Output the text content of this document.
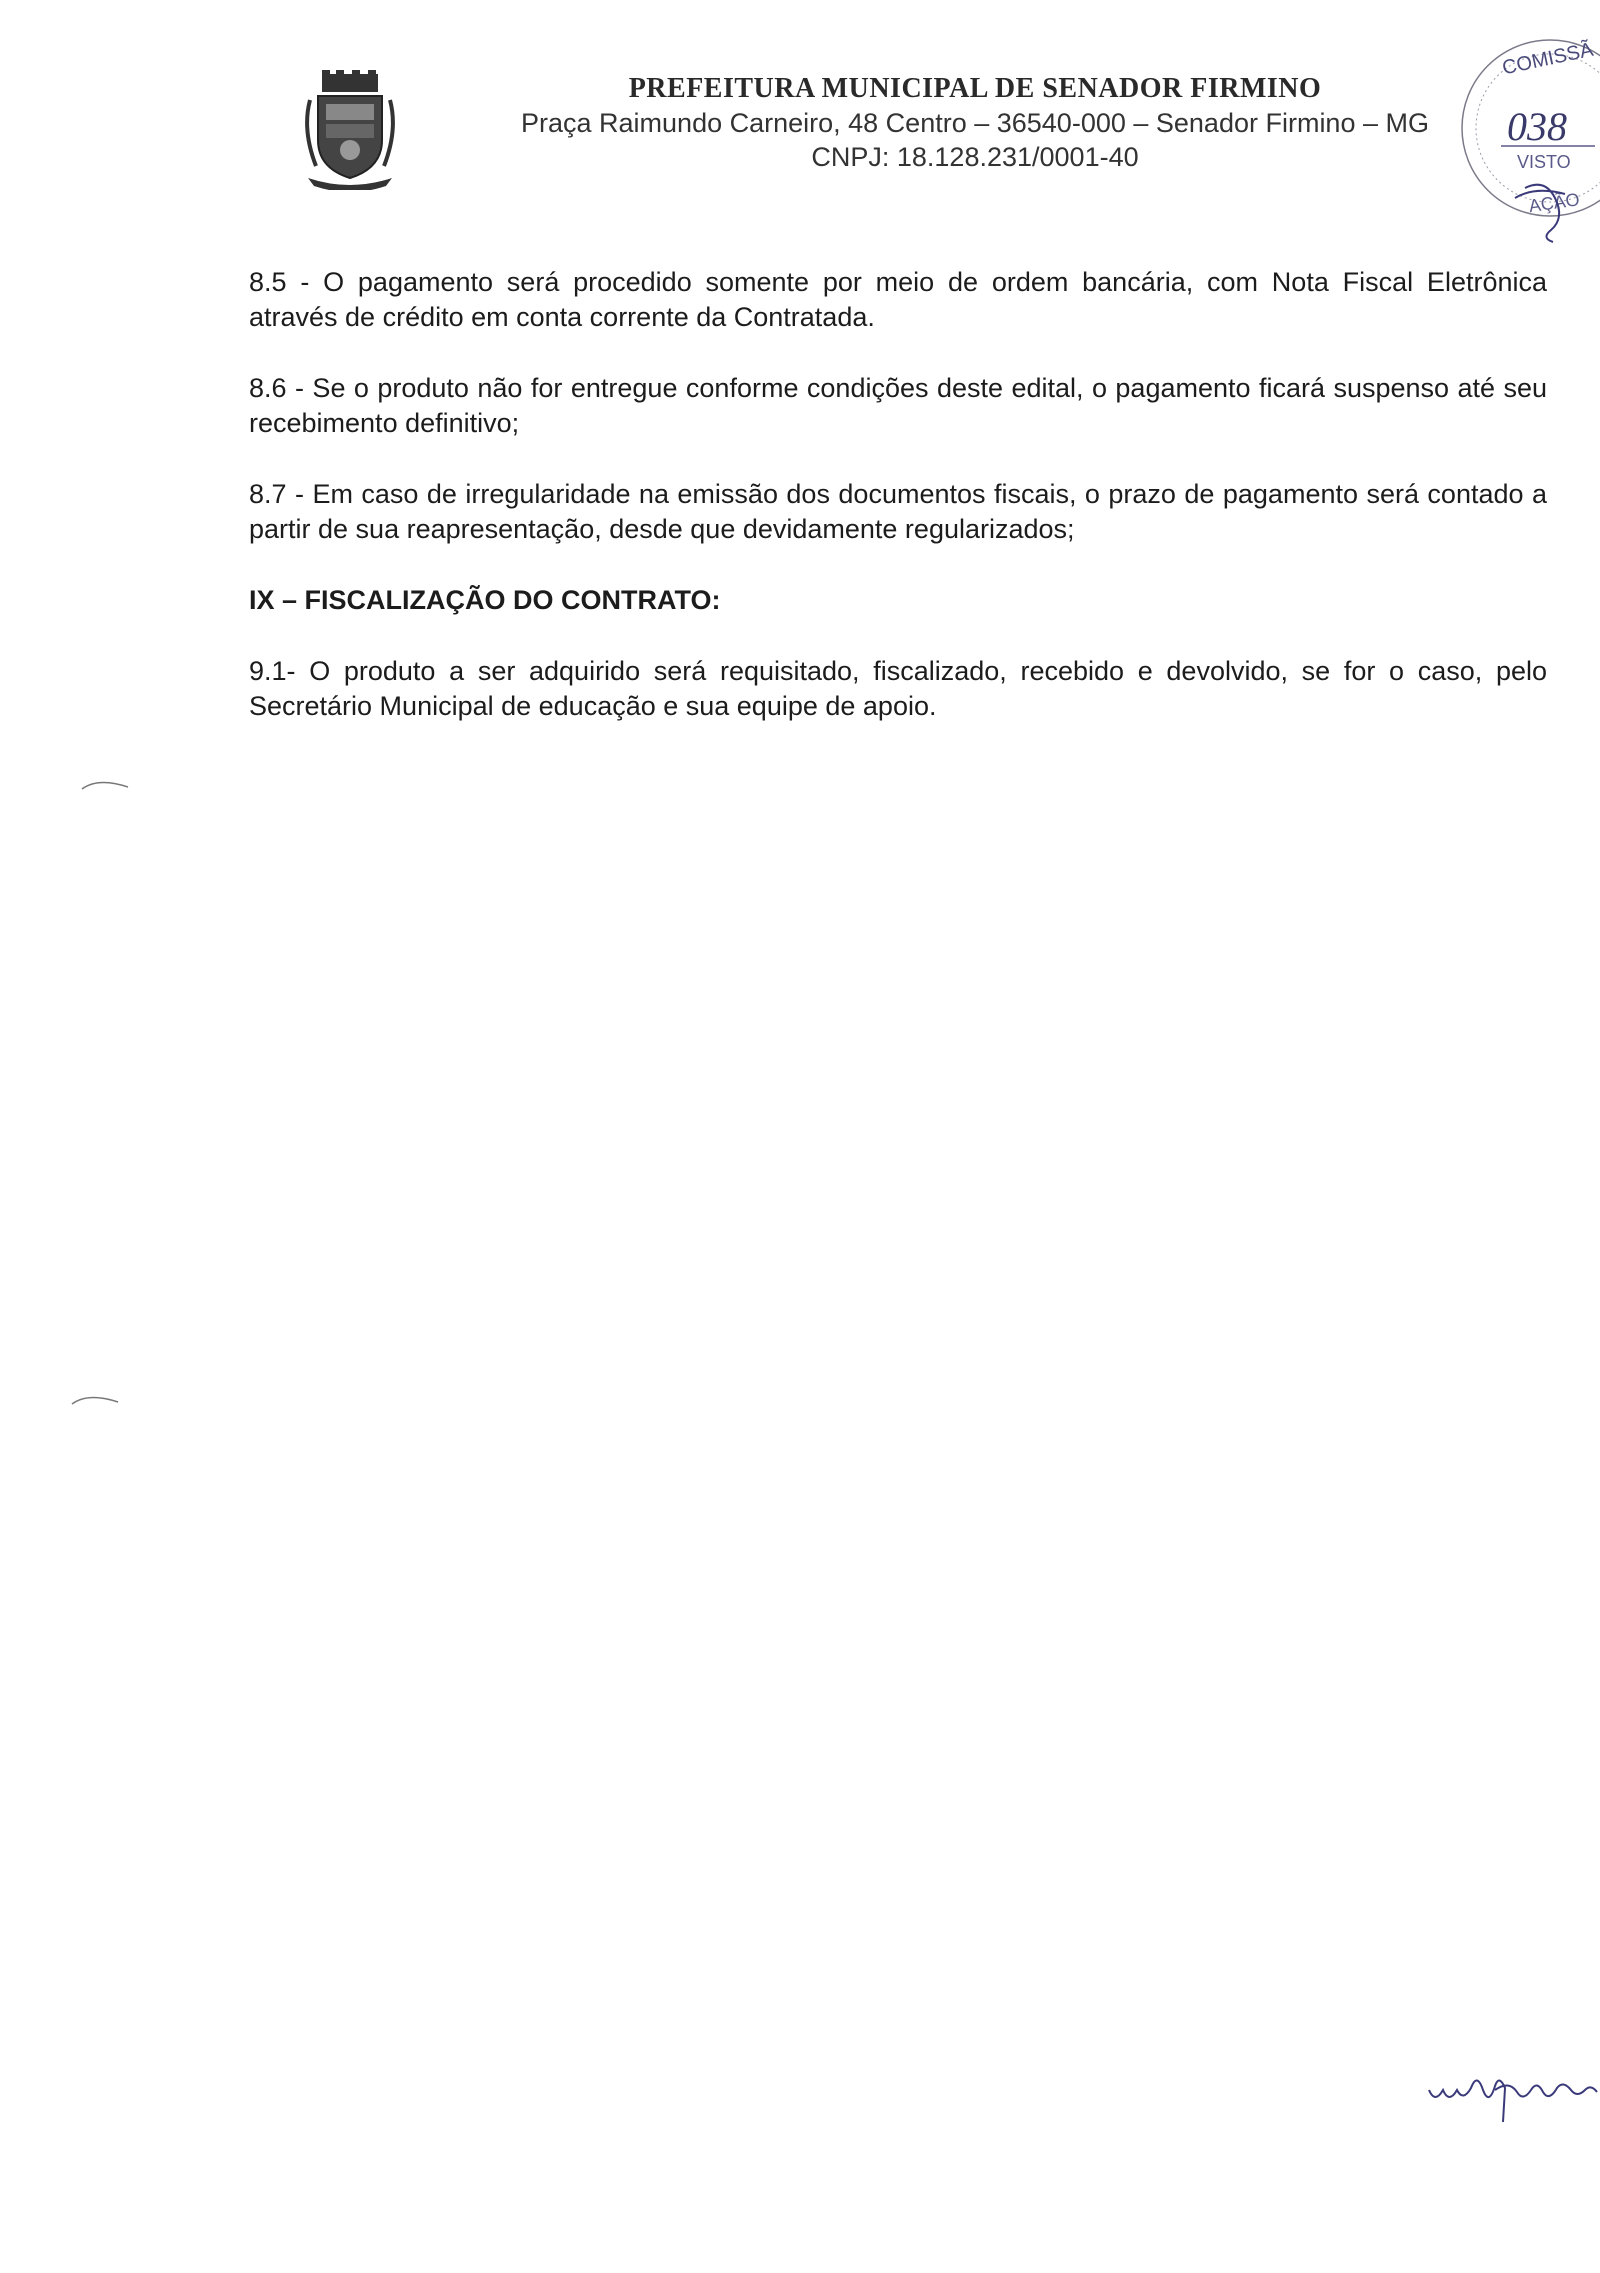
PREFEITURA MUNICIPAL DE SENADOR FIRMINO
Praça Raimundo Carneiro, 48 Centro – 36540-000 – Senador Firmino – MG
CNPJ: 18.128.231/0001-40
COMISSÃ
038
VISTO
AÇÃO

8.5 - O pagamento será procedido somente por meio de ordem bancária, com Nota Fiscal Eletrônica através de crédito em conta corrente da Contratada.

8.6 - Se o produto não for entregue conforme condições deste edital, o pagamento ficará suspenso até seu recebimento definitivo;

8.7 - Em caso de irregularidade na emissão dos documentos fiscais, o prazo de pagamento será contado a partir de sua reapresentação, desde que devidamente regularizados;

IX – FISCALIZAÇÃO DO CONTRATO:

9.1- O produto a ser adquirido será requisitado, fiscalizado, recebido e devolvido, se for o caso, pelo Secretário Municipal de educação e sua equipe de apoio.
